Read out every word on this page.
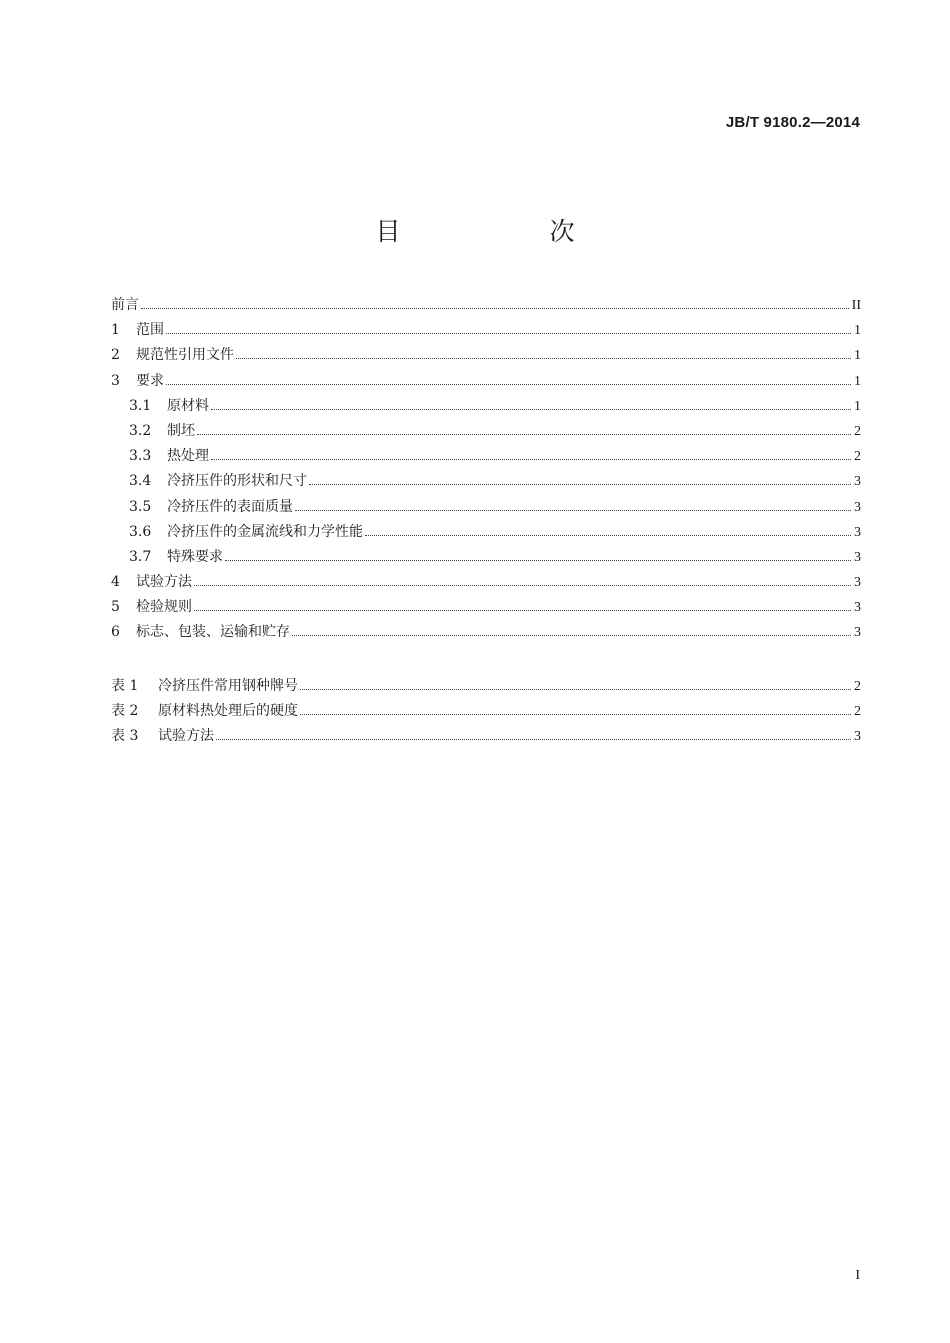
JB/T 9180.2—2014
目　次
前言	II
1	范围	1
2	规范性引用文件	1
3	要求	1
3.1	原材料	1
3.2	制坯	2
3.3	热处理	2
3.4	冷挤压件的形状和尺寸	3
3.5	冷挤压件的表面质量	3
3.6	冷挤压件的金属流线和力学性能	3
3.7	特殊要求	3
4	试验方法	3
5	检验规则	3
6	标志、包装、运输和贮存	3
表 1	冷挤压件常用钢种牌号	2
表 2	原材料热处理后的硬度	2
表 3	试验方法	3
I
